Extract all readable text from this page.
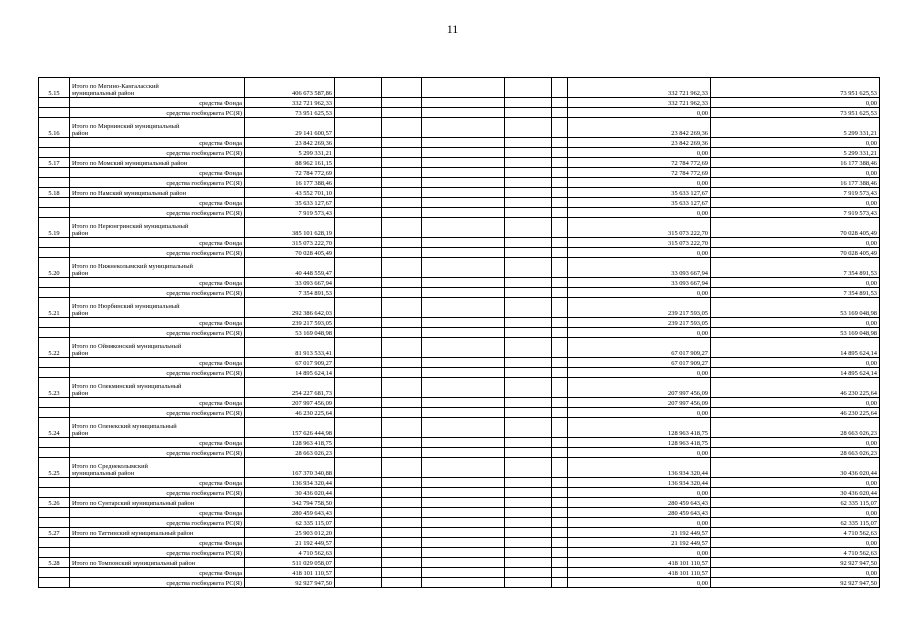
11
5.15	Итого по Мегино-Кангаласский
муниципальный район	406 673 587,86						332 721 962,33	73 951 625,53
	средства Фонда	332 721 962,33						332 721 962,33	0,00
	средства госбюджета РС(Я)	73 951 625,53						0,00	73 951 625,53
5.16	Итого по Мирнинский муниципальный
район	29 141 600,57						23 842 269,36	5 299 331,21
	средства Фонда	23 842 269,36						23 842 269,36	0,00
	средства госбюджета РС(Я)	5 299 331,21						0,00	5 299 331,21
5.17	Итого по Момский муниципальный район	88 962 161,15						72 784 772,69	16 177 388,46
	средства Фонда	72 784 772,69						72 784 772,69	0,00
	средства госбюджета РС(Я)	16 177 388,46						0,00	16 177 388,46
5.18	Итого по Намский муниципальный район	43 552 701,10						35 633 127,67	7 919 573,43
	средства Фонда	35 633 127,67						35 633 127,67	0,00
	средства госбюджета РС(Я)	7 919 573,43						0,00	7 919 573,43
5.19	Итого по Нерюнгринский муниципальный
район	385 101 628,19						315 073 222,70	70 028 405,49
	средства Фонда	315 073 222,70						315 073 222,70	0,00
	средства госбюджета РС(Я)	70 028 405,49						0,00	70 028 405,49
5.20	Итого по Нижнеколымский муниципальный
район	40 448 559,47						33 093 667,94	7 354 891,53
	средства Фонда	33 093 667,94						33 093 667,94	0,00
	средства госбюджета РС(Я)	7 354 891,53						0,00	7 354 891,53
5.21	Итого по Нюрбинский муниципальный
район	292 386 642,03						239 217 593,05	53 169 048,98
	средства Фонда	239 217 593,05						239 217 593,05	0,00
	средства госбюджета РС(Я)	53 169 048,98						0,00	53 169 048,98
5.22	Итого по Оймяконский муниципальный
район	81 913 533,41						67 017 909,27	14 895 624,14
	средства Фонда	67 017 909,27						67 017 909,27	0,00
	средства госбюджета РС(Я)	14 895 624,14						0,00	14 895 624,14
5.23	Итого по Олекминский муниципальный
район	254 227 681,73						207 997 456,09	46 230 225,64
	средства Фонда	207 997 456,09						207 997 456,09	0,00
	средства госбюджета РС(Я)	46 230 225,64						0,00	46 230 225,64
5.24	Итого по Оленекский муниципальный
район	157 626 444,98						128 963 418,75	28 663 026,23
	средства Фонда	128 963 418,75						128 963 418,75	0,00
	средства госбюджета РС(Я)	28 663 026,23						0,00	28 663 026,23
5.25	Итого по Среднеколымский
муниципальный район	167 370 340,88						136 934 320,44	30 436 020,44
	средства Фонда	136 934 320,44						136 934 320,44	0,00
	средства госбюджета РС(Я)	30 436 020,44						0,00	30 436 020,44
5.26	Итого по Сунтарский муниципальный район	342 794 758,50						280 459 643,43	62 335 115,07
	средства Фонда	280 459 643,43						280 459 643,43	0,00
	средства госбюджета РС(Я)	62 335 115,07						0,00	62 335 115,07
5.27	Итого по Таттинский муниципальный район	25 903 012,20						21 192 449,57	4 710 562,63
	средства Фонда	21 192 449,57						21 192 449,57	0,00
	средства госбюджета РС(Я)	4 710 562,63						0,00	4 710 562,63
5.28	Итого по Томпонский муниципальный район	511 029 058,07						418 101 110,57	92 927 947,50
	средства Фонда	418 101 110,57						418 101 110,57	0,00
	средства госбюджета РС(Я)	92 927 947,50						0,00	92 927 947,50
